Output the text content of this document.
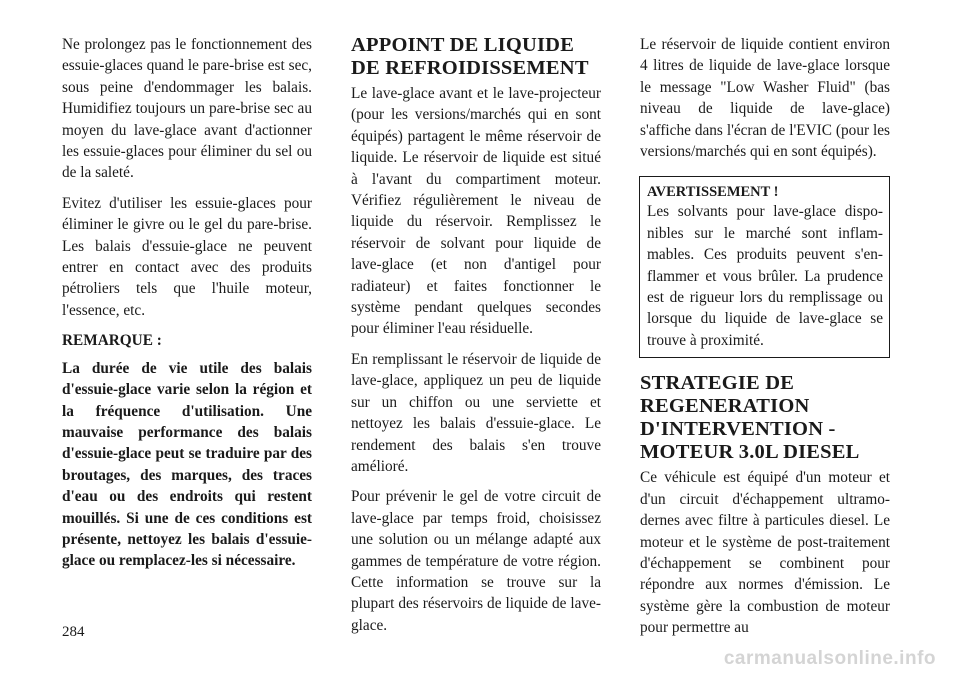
Ne prolongez pas le fonctionnement des essuie-glaces quand le pare-brise est sec, sous peine d'endommager les balais. Humidifiez toujours un pare-brise sec au moyen du lave-glace avant d'actionner les essuie-glaces pour éliminer du sel ou de la saleté.

Evitez d'utiliser les essuie-glaces pour éliminer le givre ou le gel du pare-brise. Les balais d'essuie-glace ne peuvent entrer en contact avec des produits pétroliers tels que l'huile moteur, l'essence, etc.

REMARQUE :

La durée de vie utile des balais d'essuie-glace varie selon la région et la fréquence d'utilisation. Une mauvaise performance des balais d'essuie-glace peut se traduire par des broutages, des marques, des traces d'eau ou des endroits qui restent mouillés. Si une de ces conditions est présente, nettoyez les balais d'essuie-glace ou remplacez-les si nécessaire.

APPOINT DE LIQUIDE DE REFROIDISSEMENT

Le lave-glace avant et le lave-projecteur (pour les versions/marchés qui en sont équipés) partagent le même réservoir de liquide. Le réservoir de liquide est situé à l'avant du compartiment moteur. Vérifiez régulièrement le niveau de liquide du réservoir. Remplissez le réservoir de solvant pour liquide de lave-glace (et non d'antigel pour radiateur) et faites fonctionner le système pendant quelques secondes pour éliminer l'eau résiduelle.

En remplissant le réservoir de liquide de lave-glace, appliquez un peu de liquide sur un chiffon ou une serviette et nettoyez les balais d'essuie-glace. Le rendement des balais s'en trouve amélioré.

Pour prévenir le gel de votre circuit de lave-glace par temps froid, choisissez une solution ou un mélange adapté aux gammes de température de votre région. Cette information se trouve sur la plupart des réservoirs de liquide de lave-glace.

Le réservoir de liquide contient environ 4 litres de liquide de lave-glace lorsque le message "Low Washer Fluid" (bas niveau de liquide de lave-glace) s'affiche dans l'écran de l'EVIC (pour les versions/marchés qui en sont équipés).

AVERTISSEMENT !

Les solvants pour lave-glace disponibles sur le marché sont inflammables. Ces produits peuvent s'enflammer et vous brûler. La prudence est de rigueur lors du remplissage ou lorsque du liquide de lave-glace se trouve à proximité.

STRATEGIE DE REGENERATION D'INTERVENTION - MOTEUR 3.0L DIESEL

Ce véhicule est équipé d'un moteur et d'un circuit d'échappement ultramodernes avec filtre à particules diesel. Le moteur et le système de post-traitement d'échappement se combinent pour répondre aux normes d'émission. Le système gère la combustion de moteur pour permettre au

284
carmanualsonline.info
